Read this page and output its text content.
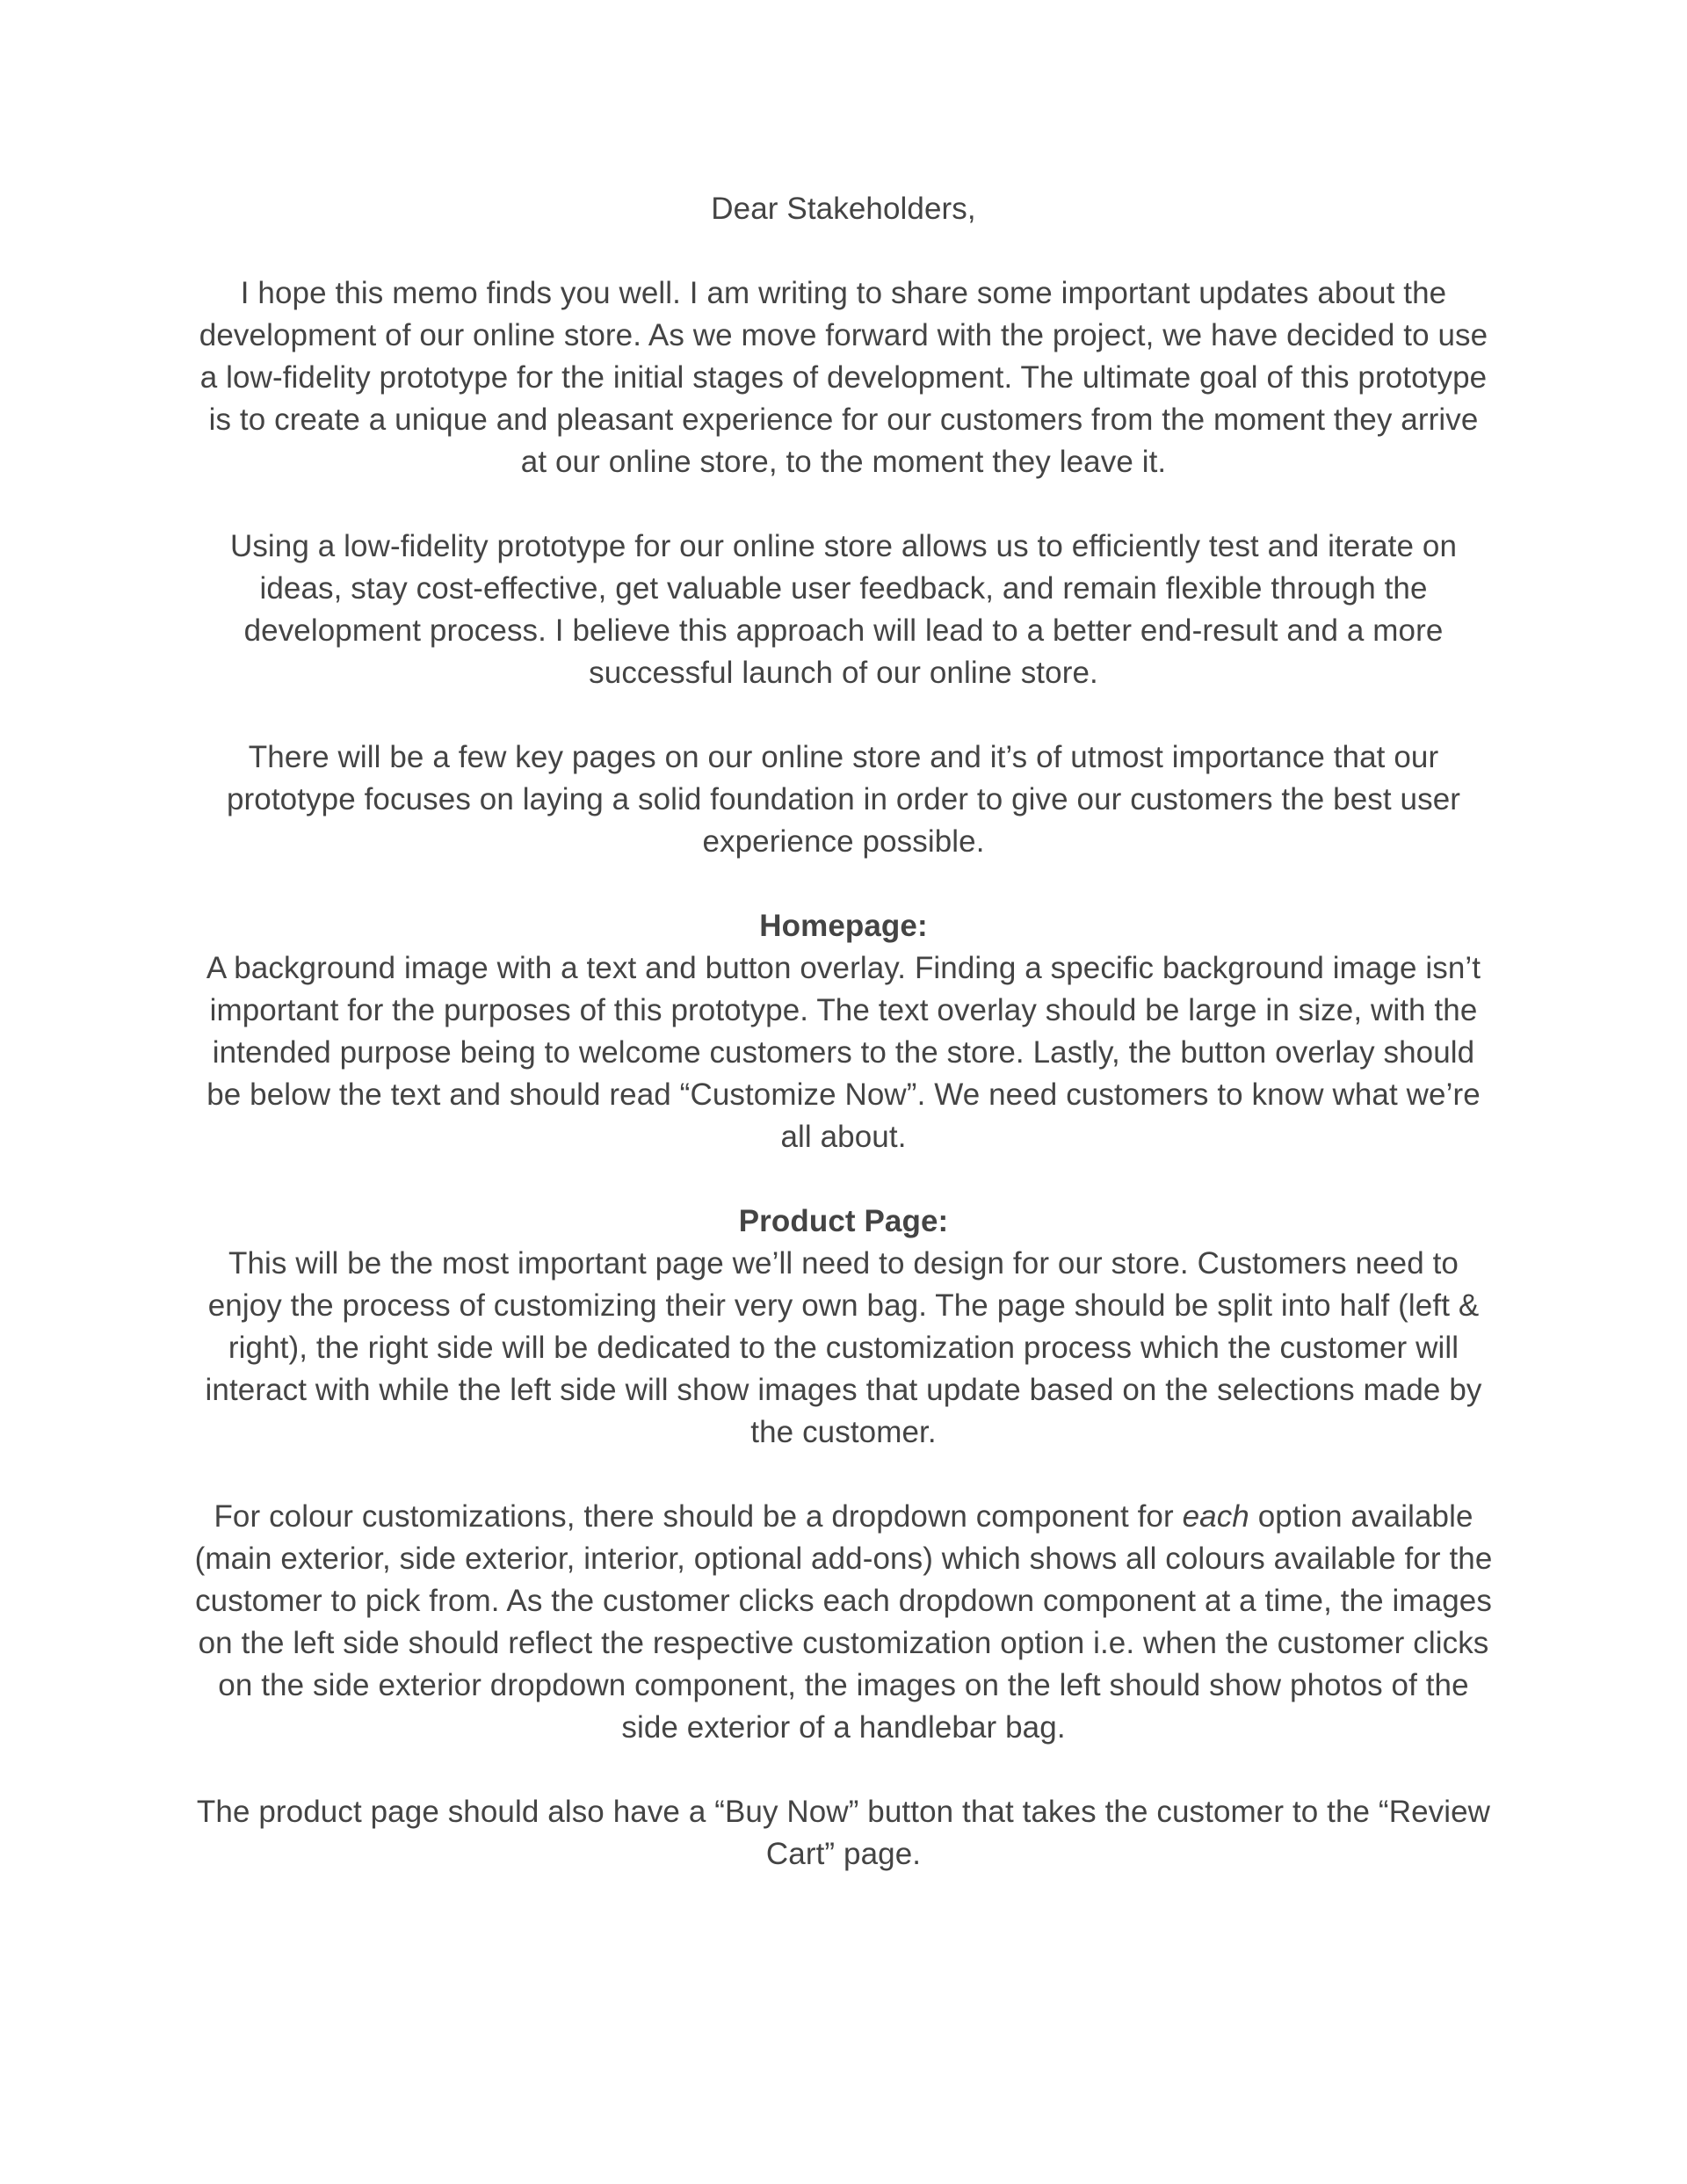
Dear Stakeholders,

I hope this memo finds you well. I am writing to share some important updates about the development of our online store. As we move forward with the project, we have decided to use a low-fidelity prototype for the initial stages of development. The ultimate goal of this prototype is to create a unique and pleasant experience for our customers from the moment they arrive at our online store, to the moment they leave it.

Using a low-fidelity prototype for our online store allows us to efficiently test and iterate on ideas, stay cost-effective, get valuable user feedback, and remain flexible through the development process. I believe this approach will lead to a better end-result and a more successful launch of our online store.

There will be a few key pages on our online store and it’s of utmost importance that our prototype focuses on laying a solid foundation in order to give our customers the best user experience possible.

Homepage:
A background image with a text and button overlay. Finding a specific background image isn’t important for the purposes of this prototype. The text overlay should be large in size, with the intended purpose being to welcome customers to the store. Lastly, the button overlay should be below the text and should read “Customize Now”. We need customers to know what we’re all about.

Product Page:
This will be the most important page we’ll need to design for our store. Customers need to enjoy the process of customizing their very own bag. The page should be split into half (left & right), the right side will be dedicated to the customization process which the customer will interact with while the left side will show images that update based on the selections made by the customer.

For colour customizations, there should be a dropdown component for each option available (main exterior, side exterior, interior, optional add-ons) which shows all colours available for the customer to pick from. As the customer clicks each dropdown component at a time, the images on the left side should reflect the respective customization option i.e. when the customer clicks on the side exterior dropdown component, the images on the left should show photos of the side exterior of a handlebar bag.

The product page should also have a “Buy Now” button that takes the customer to the “Review Cart” page.
